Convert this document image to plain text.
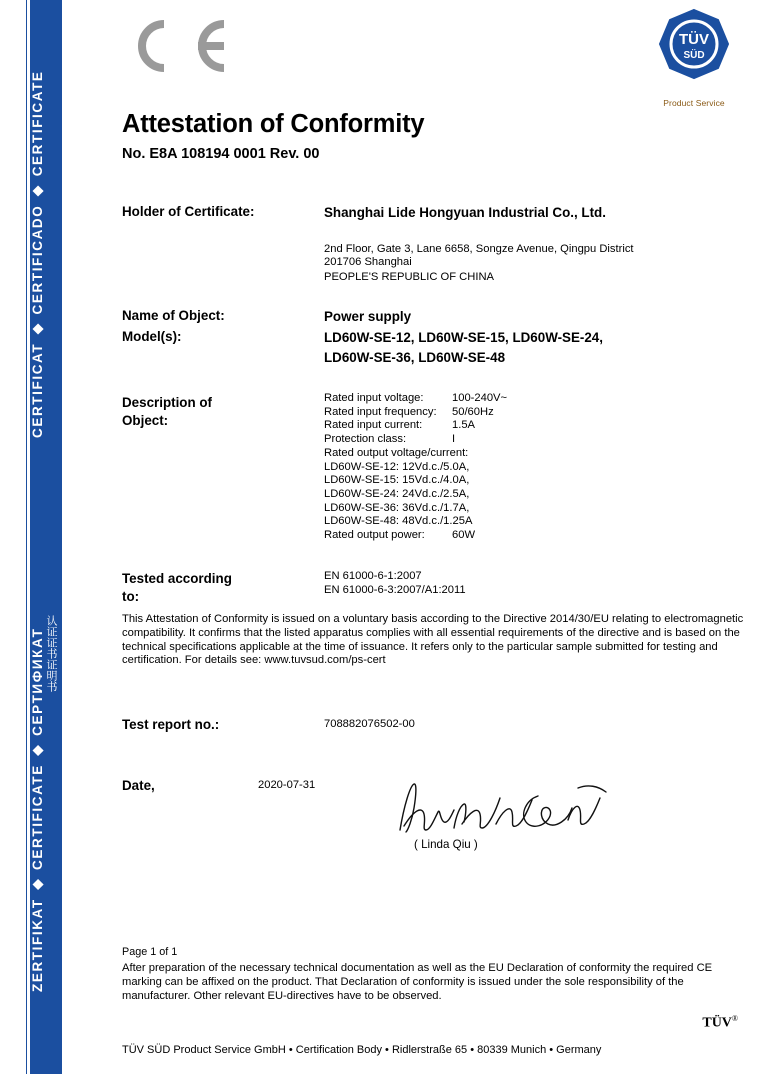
CERTIFICAT ◆ CERTIFICADO ◆ CERTIFICATE
ZERTIFIKAT ◆ CERTIFICATE ◆ СЕРТИФИКАТ 认证证书证明书
TÜV
SÜD
Product Service
Attestation of Conformity
No. E8A 108194 0001 Rev. 00
Holder of Certificate:	Shanghai Lide Hongyuan Industrial Co., Ltd.
2nd Floor, Gate 3, Lane 6658, Songze Avenue, Qingpu District
201706 Shanghai
PEOPLE'S REPUBLIC OF CHINA
Name of Object:	Power supply
Model(s):	LD60W-SE-12, LD60W-SE-15, LD60W-SE-24,
LD60W-SE-36, LD60W-SE-48
Description of Object:
Rated input voltage:	100-240V~
Rated input frequency: 50/60Hz
Rated input current:	1.5A
Protection class:	I
Rated output voltage/current:
LD60W-SE-12: 12Vd.c./5.0A,
LD60W-SE-15: 15Vd.c./4.0A,
LD60W-SE-24: 24Vd.c./2.5A,
LD60W-SE-36: 36Vd.c./1.7A,
LD60W-SE-48: 48Vd.c./1.25A
Rated output power: 60W
Tested according to:
EN 61000-6-1:2007
EN 61000-6-3:2007/A1:2011
This Attestation of Conformity is issued on a voluntary basis according to the Directive 2014/30/EU relating to electromagnetic compatibility. It confirms that the listed apparatus complies with all essential requirements of the directive and is based on the technical specifications applicable at the time of issuance. It refers only to the particular sample submitted for testing and certification. For details see: www.tuvsud.com/ps-cert
Test report no.:	708882076502-00
Date,	2020-07-31
( Linda Qiu )
Page 1 of 1
After preparation of the necessary technical documentation as well as the EU Declaration of conformity the required CE marking can be affixed on the product. That Declaration of conformity is issued under the sole responsibility of the manufacturer. Other relevant EU-directives have to be observed.
TÜV®
TÜV SÜD Product Service GmbH • Certification Body • Ridlerstraße 65 • 80339 Munich • Germany
